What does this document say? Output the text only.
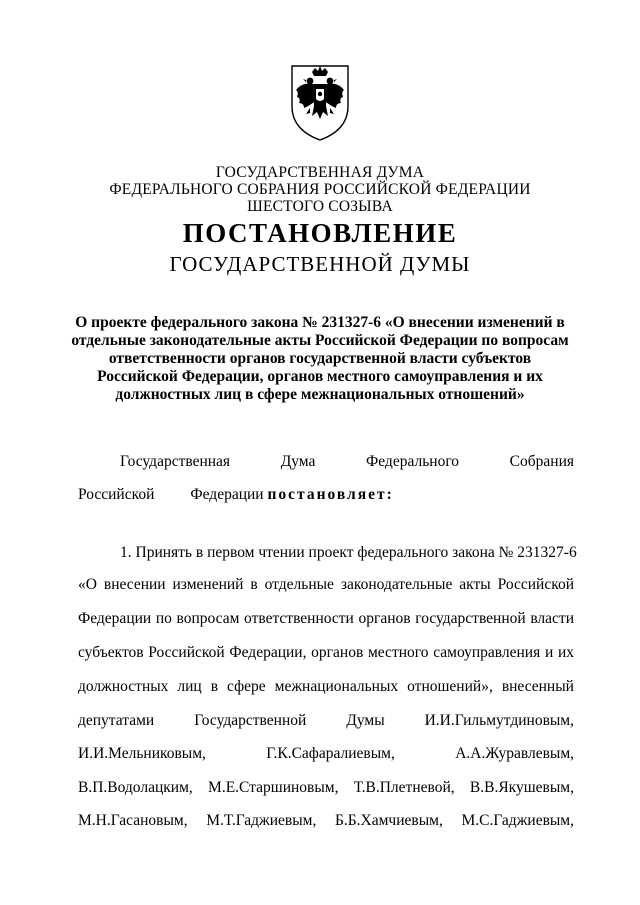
ГОСУДАРСТВЕННАЯ ДУМА
ФЕДЕРАЛЬНОГО СОБРАНИЯ РОССИЙСКОЙ ФЕДЕРАЦИИ
ШЕСТОГО СОЗЫВА
ПОСТАНОВЛЕНИЕ
ГОСУДАРСТВЕННОЙ ДУМЫ
О проекте федерального закона № 231327-6 «О внесении изменений в
отдельные законодательные акты Российской Федерации по вопросам
ответственности органов государственной власти субъектов
Российской Федерации, органов местного самоуправления и их
должностных лиц в сфере межнациональных отношений»
Государственная	Дума	Федерального	Собрания
Российской Федерации постановляет:
1. Принять в первом чтении проект федерального закона № 231327-6
«О внесении изменений в отдельные законодательные акты Российской
Федерации по вопросам ответственности органов государственной власти
субъектов Российской Федерации, органов местного самоуправления и их
должностных лиц в сфере межнациональных отношений», внесенный
депутатами	Государственной	Думы	И.И.Гильмутдиновым,
И.И.Мельниковым,	Г.К.Сафаралиевым,	А.А.Журавлевым,
В.П.Водолацким, М.Е.Старшиновым, Т.В.Плетневой, В.В.Якушевым,
М.Н.Гасановым, М.Т.Гаджиевым, Б.Б.Хамчиевым, М.С.Гаджиевым,
